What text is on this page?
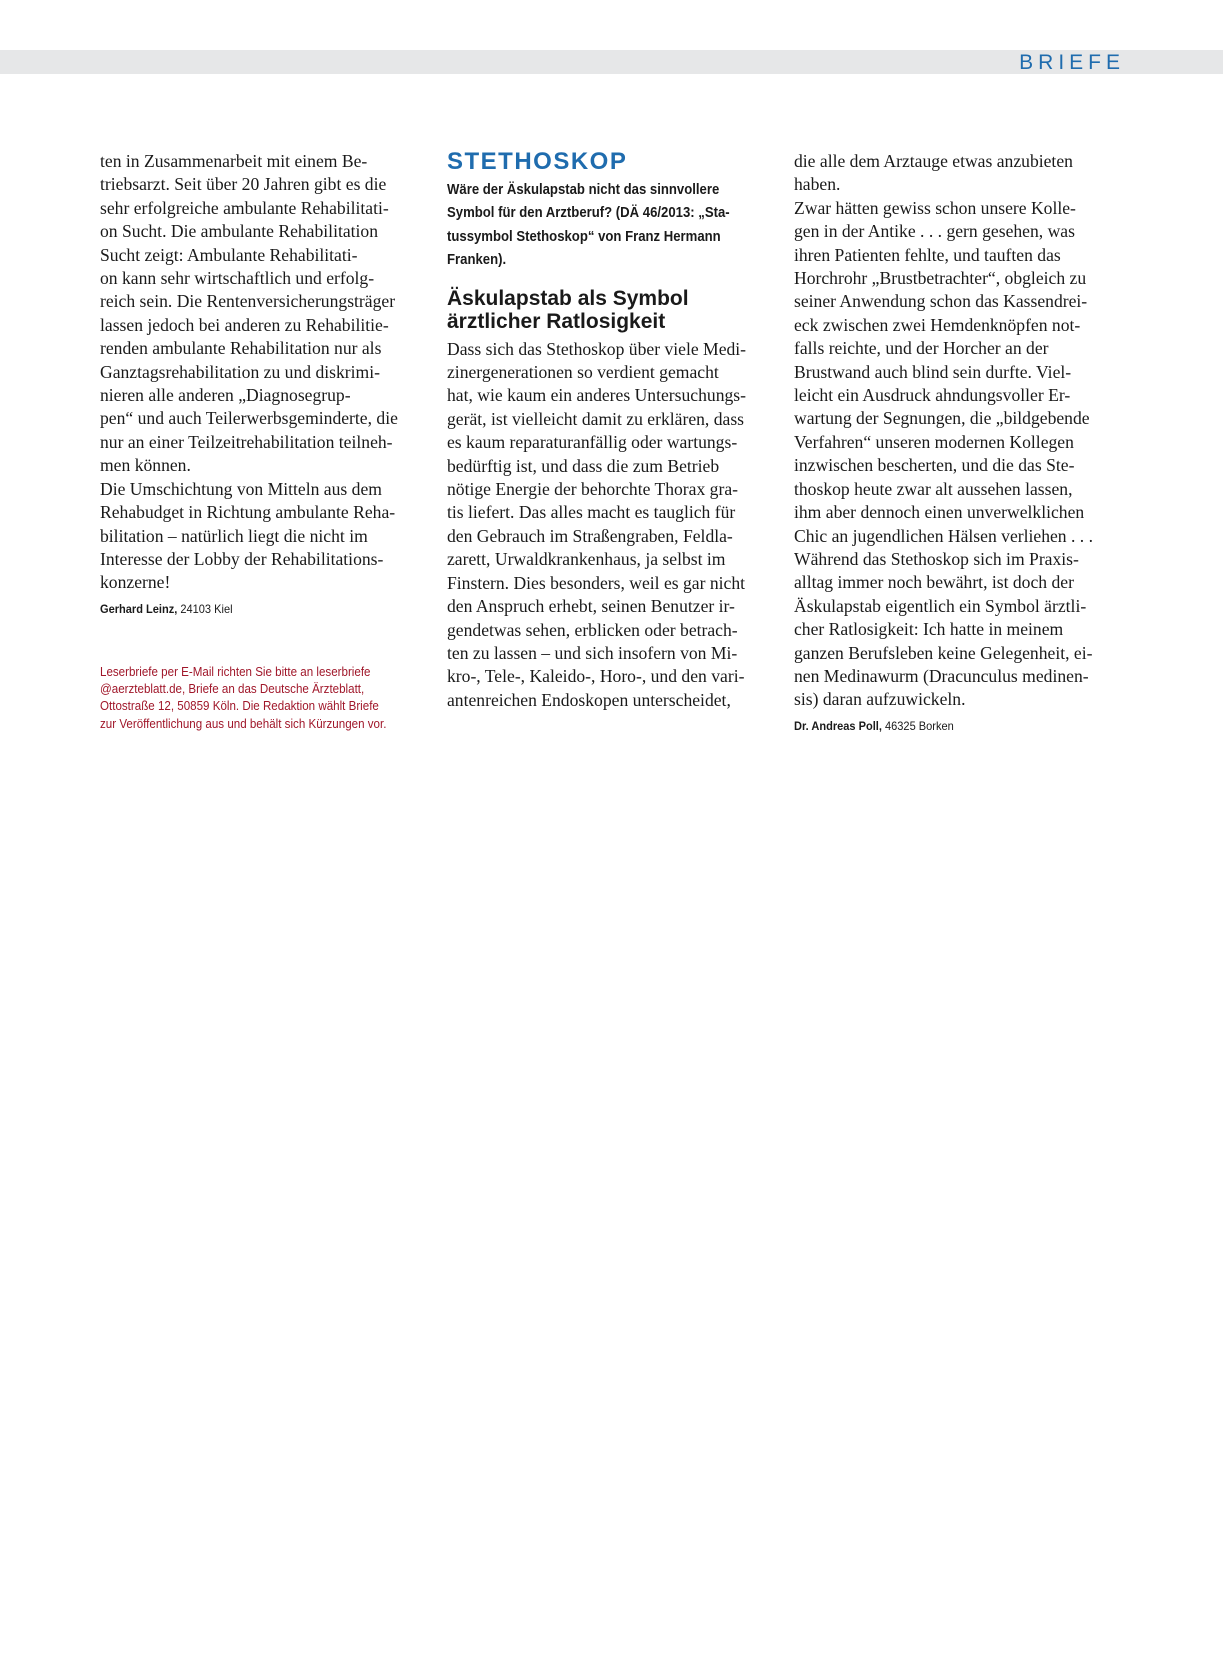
BRIEFE
ten in Zusammenarbeit mit einem Be-
triebsarzt. Seit über 20 Jahren gibt es die
sehr erfolgreiche ambulante Rehabilitati-
on Sucht. Die ambulante Rehabilitation
Sucht zeigt: Ambulante Rehabilitati-
on kann sehr wirtschaftlich und erfolg-
reich sein. Die Rentenversicherungsträger
lassen jedoch bei anderen zu Rehabilitie-
renden ambulante Rehabilitation nur als
Ganztagsrehabilitation zu und diskrimi-
nieren alle anderen „Diagnosegrup-
pen“ und auch Teilerwerbsgeminderte, die
nur an einer Teilzeitrehabilitation teilneh-
men können.
Die Umschichtung von Mitteln aus dem
Rehabudget in Richtung ambulante Reha-
bilitation – natürlich liegt die nicht im
Interesse der Lobby der Rehabilitations-
konzerne!
Gerhard Leinz, 24103 Kiel
Leserbriefe per E-Mail richten Sie bitte an leserbriefe
@aerzteblatt.de, Briefe an das Deutsche Ärzteblatt,
Ottostraße 12, 50859 Köln. Die Redaktion wählt Briefe
zur Veröffentlichung aus und behält sich Kürzungen vor.
STETHOSKOP
Wäre der Äskulapstab nicht das sinnvollere
Symbol für den Arztberuf? (DÄ 46/2013: „Sta-
tussymbol Stethoskop“ von Franz Hermann
Franken).
Äskulapstab als Symbol
ärztlicher Ratlosigkeit
Dass sich das Stethoskop über viele Medi-
zinergenerationen so verdient gemacht
hat, wie kaum ein anderes Untersuchungs-
gerät, ist vielleicht damit zu erklären, dass
es kaum reparaturanfällig oder wartungs-
bedürftig ist, und dass die zum Betrieb
nötige Energie der behorchte Thorax gra-
tis liefert. Das alles macht es tauglich für
den Gebrauch im Straßengraben, Feldla-
zarett, Urwaldkrankenhaus, ja selbst im
Finstern. Dies besonders, weil es gar nicht
den Anspruch erhebt, seinen Benutzer ir-
gendetwas sehen, erblicken oder betrach-
ten zu lassen – und sich insofern von Mi-
kro-, Tele-, Kaleido-, Horo-, und den vari-
antenreichen Endoskopen unterscheidet,
die alle dem Arztauge etwas anzubieten
haben.
Zwar hätten gewiss schon unsere Kolle-
gen in der Antike . . . gern gesehen, was
ihren Patienten fehlte, und tauften das
Horchrohr „Brustbetrachter“, obgleich zu
seiner Anwendung schon das Kassendrei-
eck zwischen zwei Hemdenknöpfen not-
falls reichte, und der Horcher an der
Brustwand auch blind sein durfte. Viel-
leicht ein Ausdruck ahndungsvoller Er-
wartung der Segnungen, die „bildgebende
Verfahren“ unseren modernen Kollegen
inzwischen bescherten, und die das Ste-
thoskop heute zwar alt aussehen lassen,
ihm aber dennoch einen unverwelklichen
Chic an jugendlichen Hälsen verliehen . . .
Während das Stethoskop sich im Praxis-
alltag immer noch bewährt, ist doch der
Äskulapstab eigentlich ein Symbol ärztli-
cher Ratlosigkeit: Ich hatte in meinem
ganzen Berufsleben keine Gelegenheit, ei-
nen Medinawurm (Dracunculus medinen-
sis) daran aufzuwickeln.
Dr. Andreas Poll, 46325 Borken
